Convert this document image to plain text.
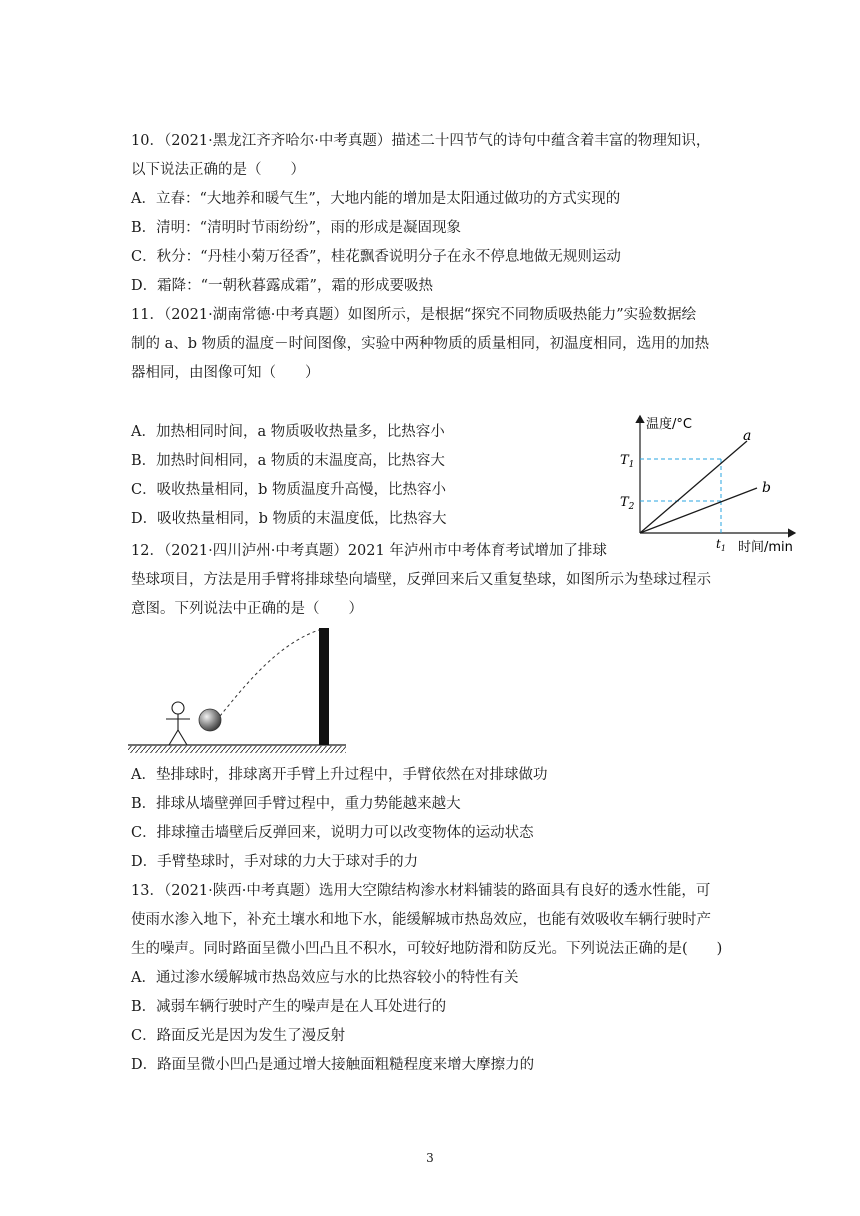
10．（2021·黑龙江齐齐哈尔·中考真题）描述二十四节气的诗句中蕴含着丰富的物理知识，
以下说法正确的是（　　）
A．立春：“大地养和暖气生”，大地内能的增加是太阳通过做功的方式实现的
B．清明：“清明时节雨纷纷”，雨的形成是凝固现象
C．秋分：“丹桂小菊万径香”，桂花飘香说明分子在永不停息地做无规则运动
D．霜降：“一朝秋暮露成霜”，霜的形成要吸热
11．（2021·湖南常德·中考真题）如图所示，是根据“探究不同物质吸热能力”实验数据绘
制的 a、b 物质的温度－时间图像，实验中两种物质的质量相同，初温度相同，选用的加热
器相同，由图像可知（　　）
A．加热相同时间，a 物质吸收热量多，比热容小
B．加热时间相同，a 物质的末温度高，比热容大
C．吸收热量相同，b 物质温度升高慢，比热容小
D．吸收热量相同，b 物质的末温度低，比热容大
温度/°C
时间/min
$T_1$
$T_2$
$t_1$
a
b
12．（2021·四川泸州·中考真题）2021 年泸州市中考体育考试增加了排球
垫球项目，方法是用手臂将排球垫向墙壁，反弹回来后又重复垫球，如图所示为垫球过程示
意图。下列说法中正确的是（　　）
A．垫排球时，排球离开手臂上升过程中，手臂依然在对排球做功
B．排球从墙壁弹回手臂过程中，重力势能越来越大
C．排球撞击墙壁后反弹回来，说明力可以改变物体的运动状态
D．手臂垫球时，手对球的力大于球对手的力
13．（2021·陕西·中考真题）选用大空隙结构渗水材料铺装的路面具有良好的透水性能，可
使雨水渗入地下，补充土壤水和地下水，能缓解城市热岛效应，也能有效吸收车辆行驶时产
生的噪声。同时路面呈微小凹凸且不积水，可较好地防滑和防反光。下列说法正确的是(　　)
A．通过渗水缓解城市热岛效应与水的比热容较小的特性有关
B．减弱车辆行驶时产生的噪声是在人耳处进行的
C．路面反光是因为发生了漫反射
D．路面呈微小凹凸是通过增大接触面粗糙程度来增大摩擦力的
3
